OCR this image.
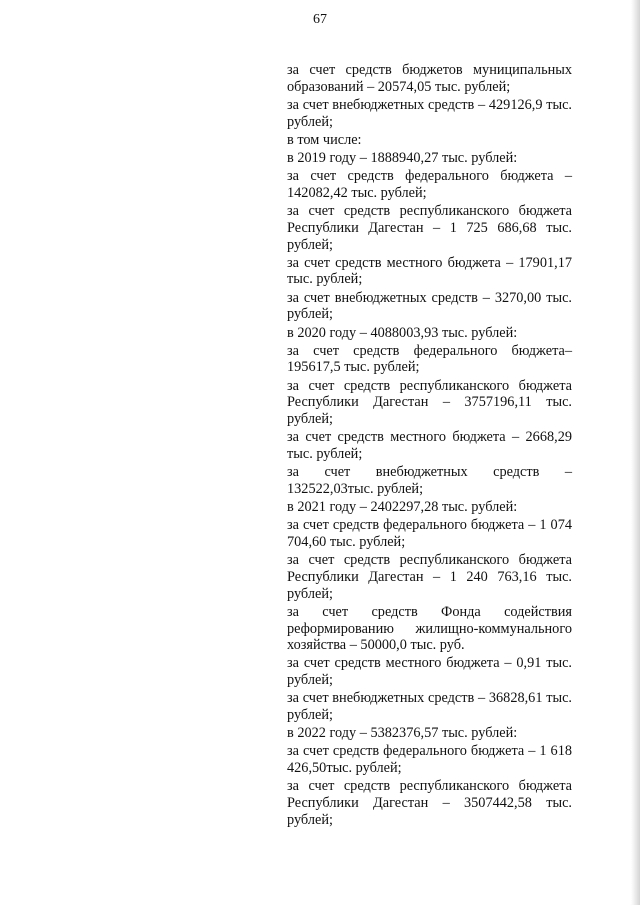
67

за счет средств бюджетов муниципальных образований – 20574,05 тыс. рублей;

за счет внебюджетных средств – 429126,9 тыс. рублей;

в том числе:

в 2019 году – 1888940,27 тыс. рублей:

за счет средств федерального бюджета – 142082,42 тыс. рублей;

за счет средств республиканского бюджета Республики Дагестан – 1 725 686,68 тыс. рублей;

за счет средств местного бюджета – 17901,17 тыс. рублей;

за счет внебюджетных средств – 3270,00 тыс. рублей;

в 2020 году – 4088003,93 тыс. рублей:

за счет средств федерального бюджета– 195617,5 тыс. рублей;

за счет средств республиканского бюджета Республики Дагестан – 3757196,11 тыс. рублей;

за счет средств местного бюджета – 2668,29 тыс. рублей;

за счет внебюджетных средств – 132522,03тыс. рублей;

в 2021 году – 2402297,28 тыс. рублей:

за счет средств федерального бюджета – 1 074 704,60 тыс. рублей;

за счет средств республиканского бюджета Республики Дагестан – 1 240 763,16 тыс. рублей;

за счет средств Фонда содействия реформированию жилищно-коммунального хозяйства – 50000,0 тыс. руб.

за счет средств местного бюджета – 0,91 тыс. рублей;

за счет внебюджетных средств – 36828,61 тыс. рублей;

в 2022 году – 5382376,57 тыс. рублей:

за счет средств федерального бюджета – 1 618 426,50тыс. рублей;

за счет средств республиканского бюджета Республики Дагестан – 3507442,58 тыс. рублей;
